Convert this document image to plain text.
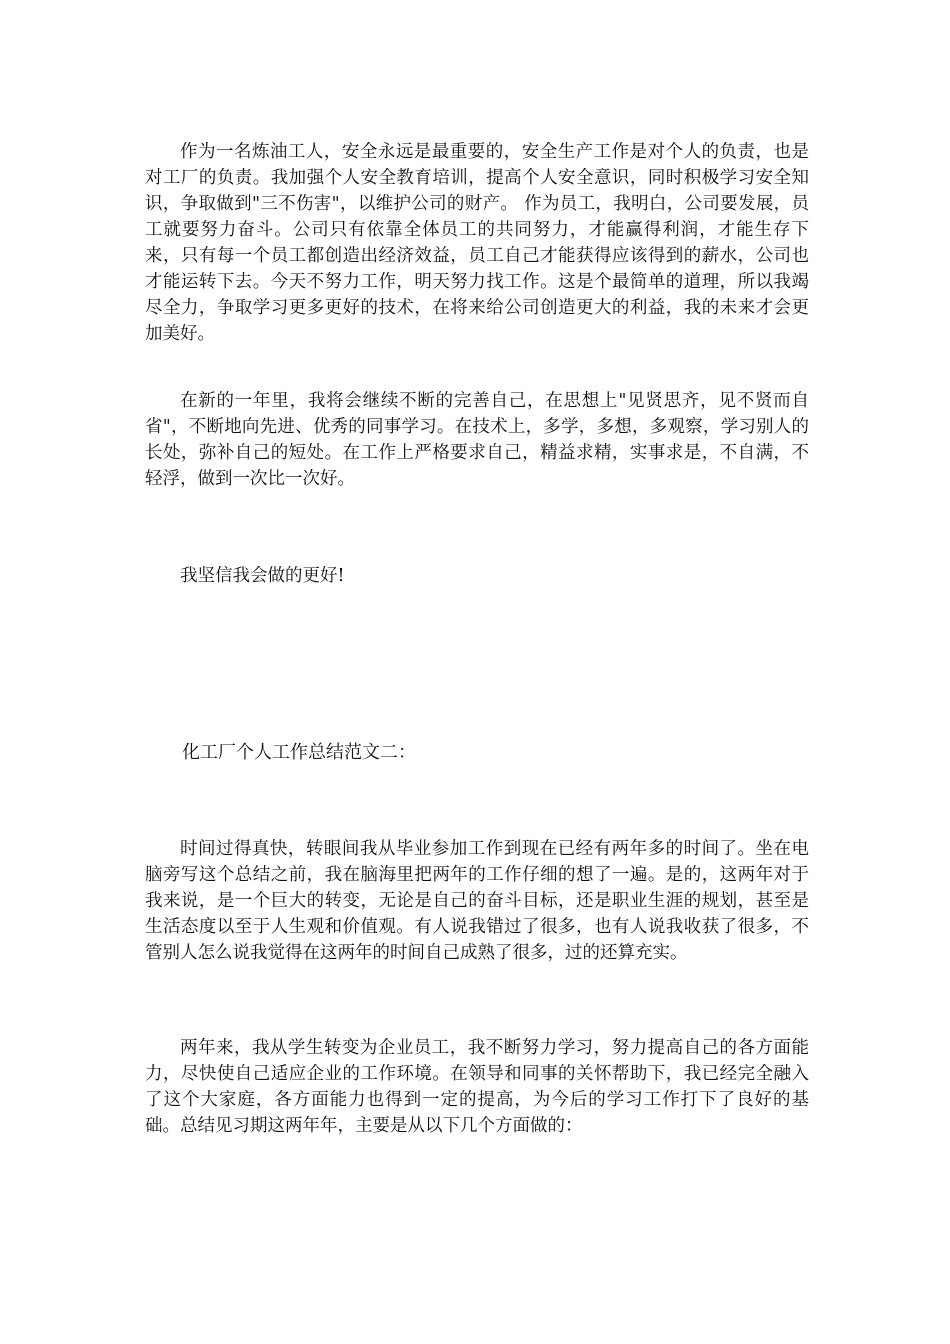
作为一名炼油工人，安全永远是最重要的，安全生产工作是对个人的负责，也是对工厂的负责。我加强个人安全教育培训，提高个人安全意识，同时积极学习安全知识，争取做到"三不伤害"，以维护公司的财产。 作为员工，我明白，公司要发展，员工就要努力奋斗。公司只有依靠全体员工的共同努力，才能赢得利润，才能生存下来，只有每一个员工都创造出经济效益，员工自己才能获得应该得到的薪水，公司也才能运转下去。今天不努力工作，明天努力找工作。这是个最简单的道理，所以我竭尽全力，争取学习更多更好的技术，在将来给公司创造更大的利益，我的未来才会更加美好。

在新的一年里，我将会继续不断的完善自己，在思想上"见贤思齐，见不贤而自省"，不断地向先进、优秀的同事学习。在技术上，多学，多想，多观察，学习别人的长处，弥补自己的短处。在工作上严格要求自己，精益求精，实事求是，不自满，不轻浮，做到一次比一次好。

我坚信我会做的更好!

化工厂个人工作总结范文二：

时间过得真快，转眼间我从毕业参加工作到现在已经有两年多的时间了。坐在电脑旁写这个总结之前，我在脑海里把两年的工作仔细的想了一遍。是的，这两年对于我来说，是一个巨大的转变，无论是自己的奋斗目标，还是职业生涯的规划，甚至是生活态度以至于人生观和价值观。有人说我错过了很多，也有人说我收获了很多，不管别人怎么说我觉得在这两年的时间自己成熟了很多，过的还算充实。

两年来，我从学生转变为企业员工，我不断努力学习，努力提高自己的各方面能力，尽快使自己适应企业的工作环境。在领导和同事的关怀帮助下，我已经完全融入了这个大家庭，各方面能力也得到一定的提高，为今后的学习工作打下了良好的基础。总结见习期这两年年，主要是从以下几个方面做的：
